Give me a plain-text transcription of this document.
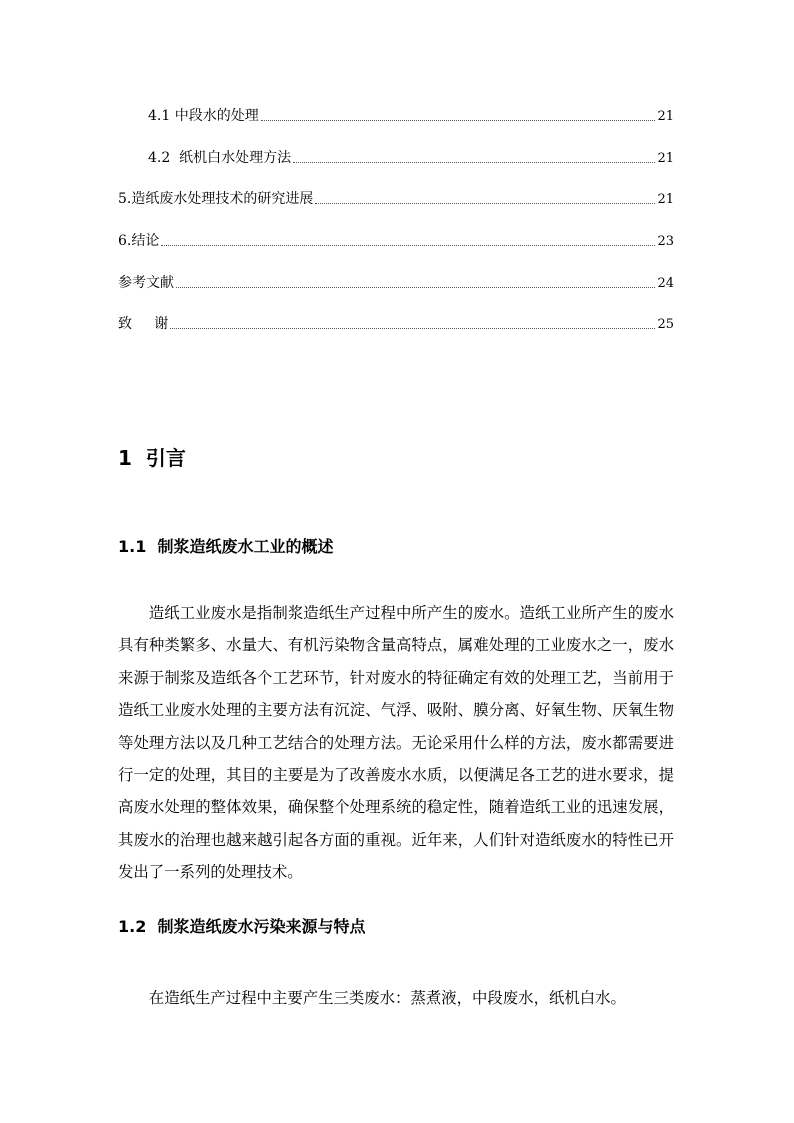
4.1 中段水的处理	21
4.2  纸机白水处理方法	21
5.造纸废水处理技术的研究进展	21
6.结论	23
参考文献	24
致     谢	25
1  引言
1.1  制浆造纸废水工业的概述
造纸工业废水是指制浆造纸生产过程中所产生的废水。造纸工业所产生的废水具有种类繁多、水量大、有机污染物含量高特点，属难处理的工业废水之一，废水来源于制浆及造纸各个工艺环节，针对废水的特征确定有效的处理工艺，当前用于造纸工业废水处理的主要方法有沉淀、气浮、吸附、膜分离、好氧生物、厌氧生物等处理方法以及几种工艺结合的处理方法。无论采用什么样的方法，废水都需要进行一定的处理，其目的主要是为了改善废水水质，以便满足各工艺的进水要求，提高废水处理的整体效果，确保整个处理系统的稳定性，随着造纸工业的迅速发展，其废水的治理也越来越引起各方面的重视。近年来，人们针对造纸废水的特性已开发出了一系列的处理技术。
1.2  制浆造纸废水污染来源与特点
在造纸生产过程中主要产生三类废水：蒸煮液，中段废水，纸机白水。
